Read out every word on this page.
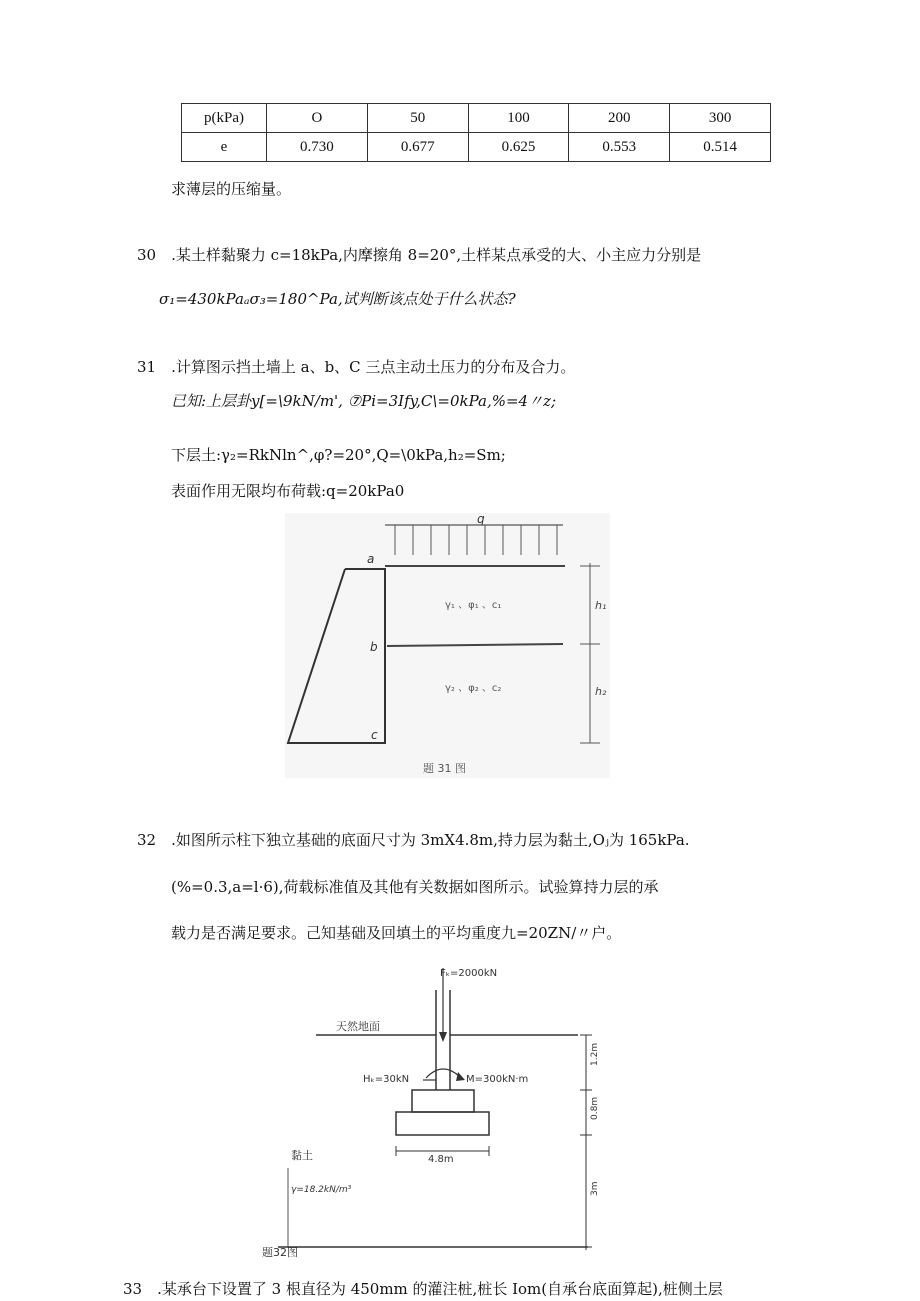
p(kPa)	O	50	100	200	300
e	0.730	0.677	0.625	0.553	0.514
求薄层的压缩量。
30 .某土样黏聚力 c=18kPa,内摩擦角 8=20°,土样某点承受的大、小主应力分别是
σ₁=430kPaₐσ₃=180^Pa,试判断该点处于什么状态?
31 .计算图示挡土墙上 a、b、C 三点主动土压力的分布及合力。
已知:上层卦y[=\9kN/m', ⑦Pi=3Ify,C\=0kPa,%=4〃z;
下层土:γ₂=RkNln^,φ?=20°,Q=\0kPa,h₂=Sm;
表面作用无限均布荷载:q=20kPa0
q
a
b
c
γ₁ 、φ₁ 、c₁
γ₂ 、φ₂ 、c₂
h₁
h₂
题 31 图
32 .如图所示柱下独立基础的底面尺寸为 3mX4.8m,持力层为黏土,Oⱼ为 165kPa.
(%=0.3,a=l·6),荷载标准值及其他有关数据如图所示。试验算持力层的承
载力是否满足要求。己知基础及回填土的平均重度九=20ZN/〃户。
Fₖ=2000kN
天然地面
Hₖ=30kN	M=300kN·m
4.8m
黏土
γ=18.2kN/m³
1.2m
0.8m
3m
题32图
33 .某承台下设置了 3 根直径为 450mm 的灌注桩,桩长 Iom(自承台底面算起),桩侧土层
